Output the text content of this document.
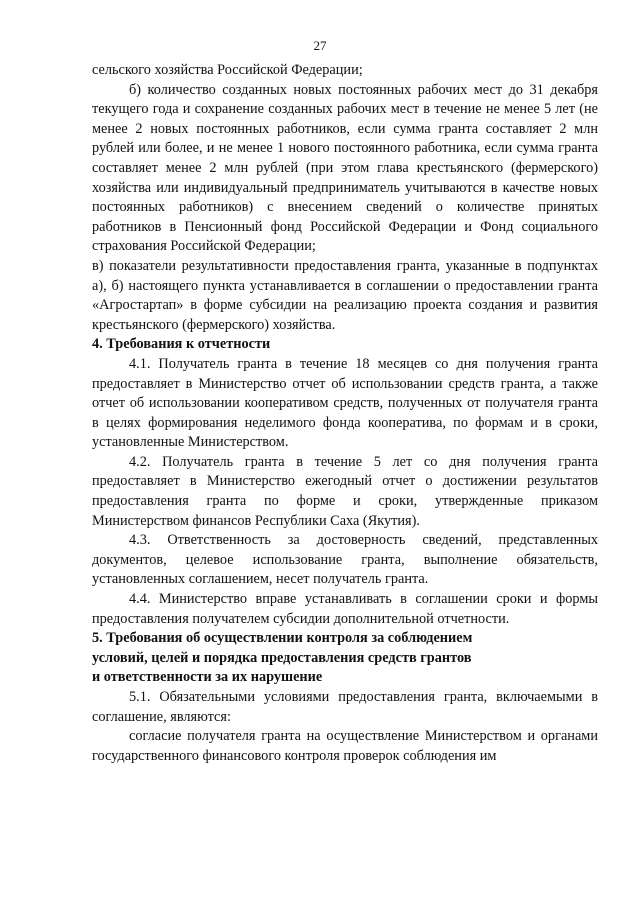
27

сельского хозяйства Российской Федерации;

б) количество созданных новых постоянных рабочих мест до 31 декабря текущего года и сохранение созданных рабочих мест в течение не менее 5 лет (не менее 2 новых постоянных работников, если сумма гранта составляет 2 млн рублей или более, и не менее 1 нового постоянного работника, если сумма гранта составляет менее 2 млн рублей (при этом глава крестьянского (фермерского) хозяйства или индивидуальный предприниматель учитываются в качестве новых постоянных работников) с внесением сведений о количестве принятых работников в Пенсионный фонд Российской Федерации и Фонд социального страхования Российской Федерации;

в) показатели результативности предоставления гранта, указанные в подпунктах а), б) настоящего пункта устанавливается в соглашении о предоставлении гранта «Агростартап» в форме субсидии на реализацию проекта создания и развития крестьянского (фермерского) хозяйства.

4. Требования к отчетности

4.1. Получатель гранта в течение 18 месяцев со дня получения гранта предоставляет в Министерство отчет об использовании средств гранта, а также отчет об использовании кооперативом средств, полученных от получателя гранта в целях формирования неделимого фонда кооператива, по формам и в сроки, установленные Министерством.

4.2. Получатель гранта в течение 5 лет со дня получения гранта предоставляет в Министерство ежегодный отчет о достижении результатов предоставления гранта по форме и сроки, утвержденные приказом Министерством финансов Республики Саха (Якутия).

4.3. Ответственность за достоверность сведений, представленных документов, целевое использование гранта, выполнение обязательств, установленных соглашением, несет получатель гранта.

4.4. Министерство вправе устанавливать в соглашении сроки и формы предоставления получателем субсидии дополнительной отчетности.

5. Требования об осуществлении контроля за соблюдением
условий, целей и порядка предоставления средств грантов
и ответственности за их нарушение

5.1. Обязательными условиями предоставления гранта, включаемыми в соглашение, являются:

согласие получателя гранта на осуществление Министерством и органами государственного финансового контроля проверок соблюдения им
